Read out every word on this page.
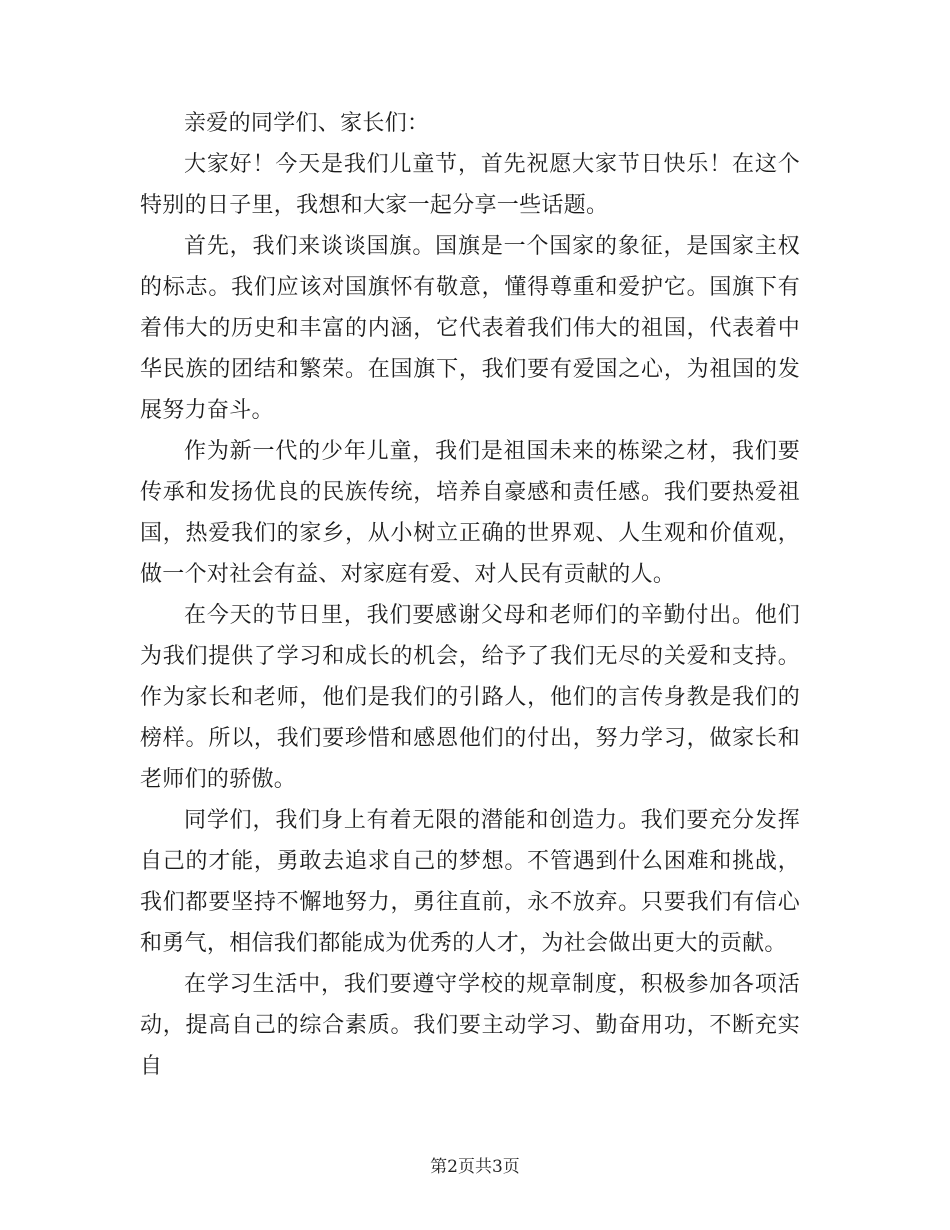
亲爱的同学们、家长们：

大家好！今天是我们儿童节，首先祝愿大家节日快乐！在这个特别的日子里，我想和大家一起分享一些话题。

首先，我们来谈谈国旗。国旗是一个国家的象征，是国家主权的标志。我们应该对国旗怀有敬意，懂得尊重和爱护它。国旗下有着伟大的历史和丰富的内涵，它代表着我们伟大的祖国，代表着中华民族的团结和繁荣。在国旗下，我们要有爱国之心，为祖国的发展努力奋斗。

作为新一代的少年儿童，我们是祖国未来的栋梁之材，我们要传承和发扬优良的民族传统，培养自豪感和责任感。我们要热爱祖国，热爱我们的家乡，从小树立正确的世界观、人生观和价值观，做一个对社会有益、对家庭有爱、对人民有贡献的人。

在今天的节日里，我们要感谢父母和老师们的辛勤付出。他们为我们提供了学习和成长的机会，给予了我们无尽的关爱和支持。作为家长和老师，他们是我们的引路人，他们的言传身教是我们的榜样。所以，我们要珍惜和感恩他们的付出，努力学习，做家长和老师们的骄傲。

同学们，我们身上有着无限的潜能和创造力。我们要充分发挥自己的才能，勇敢去追求自己的梦想。不管遇到什么困难和挑战，我们都要坚持不懈地努力，勇往直前，永不放弃。只要我们有信心和勇气，相信我们都能成为优秀的人才，为社会做出更大的贡献。

在学习生活中，我们要遵守学校的规章制度，积极参加各项活动，提高自己的综合素质。我们要主动学习、勤奋用功，不断充实自

第2页共3页
